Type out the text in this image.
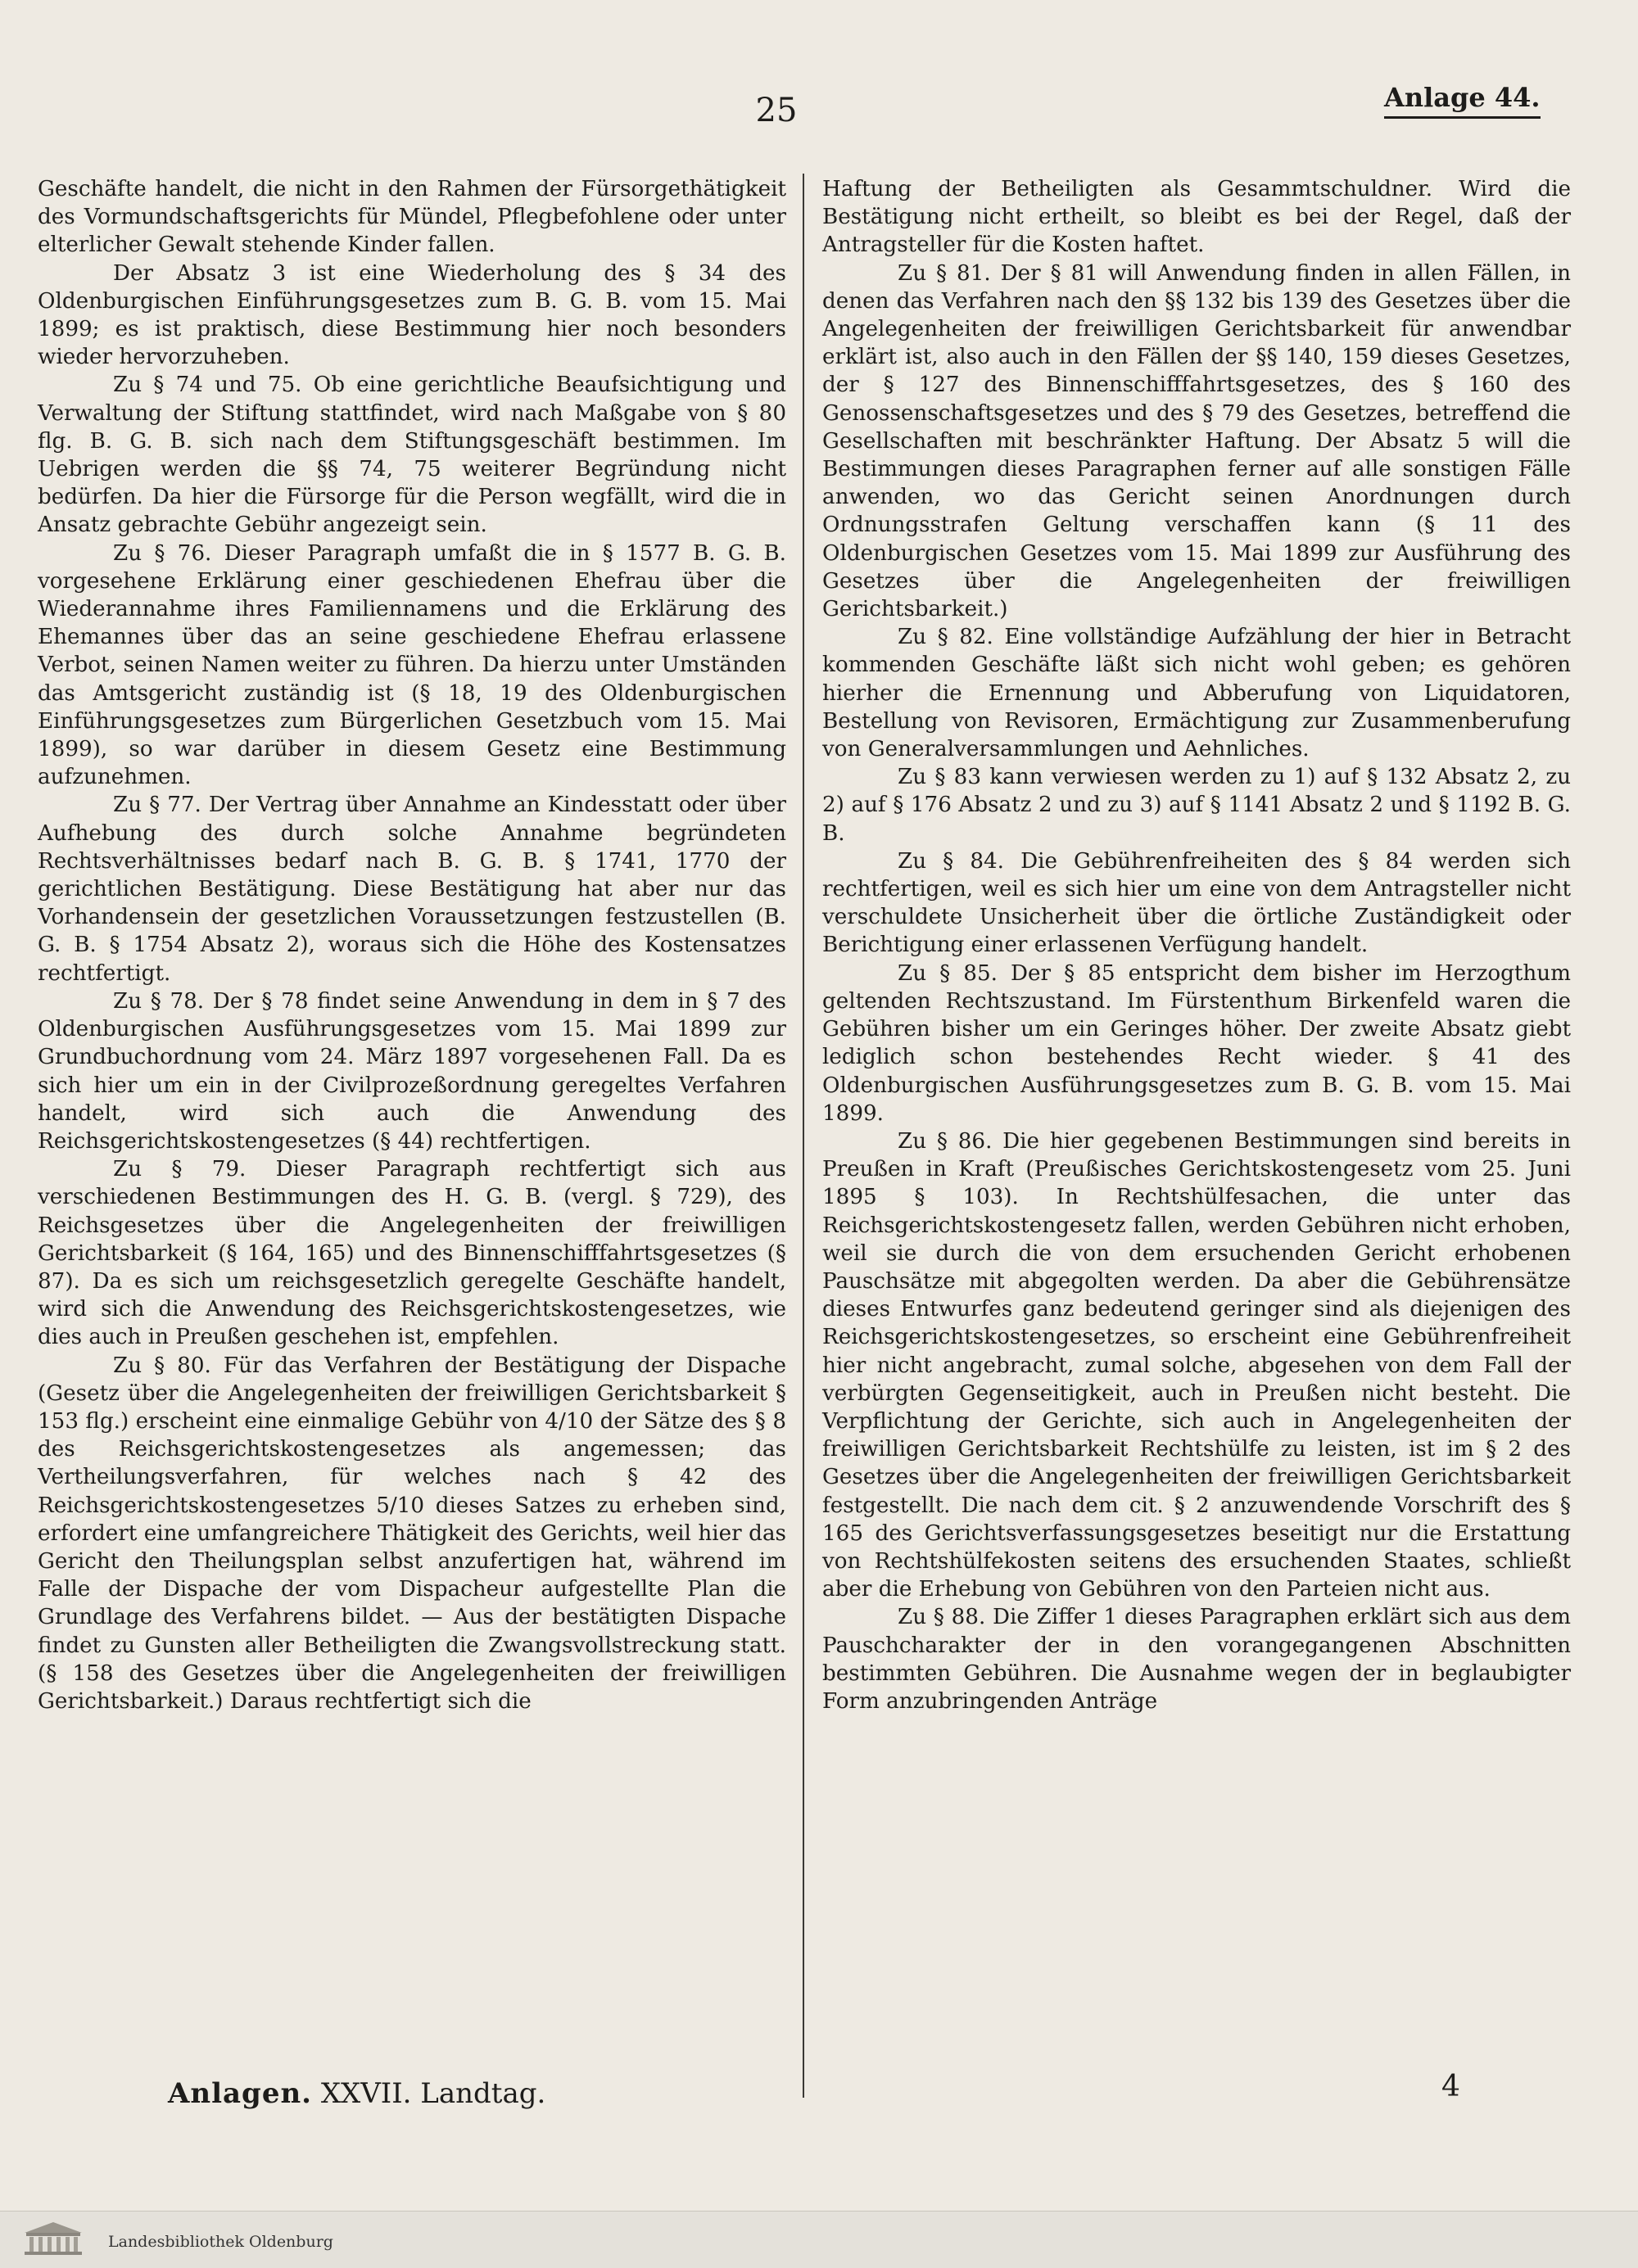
25	Anlage 44.

Geschäfte handelt, die nicht in den Rahmen der Fürsorgethätigkeit des Vormundschaftsgerichts für Mündel, Pflegbefohlene oder unter elterlicher Gewalt stehende Kinder fallen.

Der Absatz 3 ist eine Wiederholung des § 34 des Oldenburgischen Einführungsgesetzes zum B. G. B. vom 15. Mai 1899; es ist praktisch, diese Bestimmung hier noch besonders wieder hervorzuheben.

Zu § 74 und 75. Ob eine gerichtliche Beaufsichtigung und Verwaltung der Stiftung stattfindet, wird nach Maßgabe von § 80 flg. B. G. B. sich nach dem Stiftungsgeschäft bestimmen. Im Uebrigen werden die §§ 74, 75 weiterer Begründung nicht bedürfen. Da hier die Fürsorge für die Person wegfällt, wird die in Ansatz gebrachte Gebühr angezeigt sein.

Zu § 76. Dieser Paragraph umfaßt die in § 1577 B. G. B. vorgesehene Erklärung einer geschiedenen Ehefrau über die Wiederannahme ihres Familiennamens und die Erklärung des Ehemannes über das an seine geschiedene Ehefrau erlassene Verbot, seinen Namen weiter zu führen. Da hierzu unter Umständen das Amtsgericht zuständig ist (§ 18, 19 des Oldenburgischen Einführungsgesetzes zum Bürgerlichen Gesetzbuch vom 15. Mai 1899), so war darüber in diesem Gesetz eine Bestimmung aufzunehmen.

Zu § 77. Der Vertrag über Annahme an Kindesstatt oder über Aufhebung des durch solche Annahme begründeten Rechtsverhältnisses bedarf nach B. G. B. § 1741, 1770 der gerichtlichen Bestätigung. Diese Bestätigung hat aber nur das Vorhandensein der gesetzlichen Voraussetzungen festzustellen (B. G. B. § 1754 Absatz 2), woraus sich die Höhe des Kostensatzes rechtfertigt.

Zu § 78. Der § 78 findet seine Anwendung in dem in § 7 des Oldenburgischen Ausführungsgesetzes vom 15. Mai 1899 zur Grundbuchordnung vom 24. März 1897 vorgesehenen Fall. Da es sich hier um ein in der Civilprozeßordnung geregeltes Verfahren handelt, wird sich auch die Anwendung des Reichsgerichtskostengesetzes (§ 44) rechtfertigen.

Zu § 79. Dieser Paragraph rechtfertigt sich aus verschiedenen Bestimmungen des H. G. B. (vergl. § 729), des Reichsgesetzes über die Angelegenheiten der freiwilligen Gerichtsbarkeit (§ 164, 165) und des Binnenschifffahrtsgesetzes (§ 87). Da es sich um reichsgesetzlich geregelte Geschäfte handelt, wird sich die Anwendung des Reichsgerichtskostengesetzes, wie dies auch in Preußen geschehen ist, empfehlen.

Zu § 80. Für das Verfahren der Bestätigung der Dispache (Gesetz über die Angelegenheiten der freiwilligen Gerichtsbarkeit § 153 flg.) erscheint eine einmalige Gebühr von 4/10 der Sätze des § 8 des Reichsgerichtskostengesetzes als angemessen; das Vertheilungsverfahren, für welches nach § 42 des Reichsgerichtskostengesetzes 5/10 dieses Satzes zu erheben sind, erfordert eine umfangreichere Thätigkeit des Gerichts, weil hier das Gericht den Theilungsplan selbst anzufertigen hat, während im Falle der Dispache der vom Dispacheur aufgestellte Plan die Grundlage des Verfahrens bildet. — Aus der bestätigten Dispache findet zu Gunsten aller Betheiligten die Zwangsvollstreckung statt. (§ 158 des Gesetzes über die Angelegenheiten der freiwilligen Gerichtsbarkeit.) Daraus rechtfertigt sich die

Haftung der Betheiligten als Gesammtschuldner. Wird die Bestätigung nicht ertheilt, so bleibt es bei der Regel, daß der Antragsteller für die Kosten haftet.

Zu § 81. Der § 81 will Anwendung finden in allen Fällen, in denen das Verfahren nach den §§ 132 bis 139 des Gesetzes über die Angelegenheiten der freiwilligen Gerichtsbarkeit für anwendbar erklärt ist, also auch in den Fällen der §§ 140, 159 dieses Gesetzes, der § 127 des Binnenschifffahrtsgesetzes, des § 160 des Genossenschaftsgesetzes und des § 79 des Gesetzes, betreffend die Gesellschaften mit beschränkter Haftung. Der Absatz 5 will die Bestimmungen dieses Paragraphen ferner auf alle sonstigen Fälle anwenden, wo das Gericht seinen Anordnungen durch Ordnungsstrafen Geltung verschaffen kann (§ 11 des Oldenburgischen Gesetzes vom 15. Mai 1899 zur Ausführung des Gesetzes über die Angelegenheiten der freiwilligen Gerichtsbarkeit.)

Zu § 82. Eine vollständige Aufzählung der hier in Betracht kommenden Geschäfte läßt sich nicht wohl geben; es gehören hierher die Ernennung und Abberufung von Liquidatoren, Bestellung von Revisoren, Ermächtigung zur Zusammenberufung von Generalversammlungen und Aehnliches.

Zu § 83 kann verwiesen werden zu 1) auf § 132 Absatz 2, zu 2) auf § 176 Absatz 2 und zu 3) auf § 1141 Absatz 2 und § 1192 B. G. B.

Zu § 84. Die Gebührenfreiheiten des § 84 werden sich rechtfertigen, weil es sich hier um eine von dem Antragsteller nicht verschuldete Unsicherheit über die örtliche Zuständigkeit oder Berichtigung einer erlassenen Verfügung handelt.

Zu § 85. Der § 85 entspricht dem bisher im Herzogthum geltenden Rechtszustand. Im Fürstenthum Birkenfeld waren die Gebühren bisher um ein Geringes höher. Der zweite Absatz giebt lediglich schon bestehendes Recht wieder. § 41 des Oldenburgischen Ausführungsgesetzes zum B. G. B. vom 15. Mai 1899.

Zu § 86. Die hier gegebenen Bestimmungen sind bereits in Preußen in Kraft (Preußisches Gerichtskostengesetz vom 25. Juni 1895 § 103). In Rechtshülfesachen, die unter das Reichsgerichtskostengesetz fallen, werden Gebühren nicht erhoben, weil sie durch die von dem ersuchenden Gericht erhobenen Pauschsätze mit abgegolten werden. Da aber die Gebührensätze dieses Entwurfes ganz bedeutend geringer sind als diejenigen des Reichsgerichtskostengesetzes, so erscheint eine Gebührenfreiheit hier nicht angebracht, zumal solche, abgesehen von dem Fall der verbürgten Gegenseitigkeit, auch in Preußen nicht besteht. Die Verpflichtung der Gerichte, sich auch in Angelegenheiten der freiwilligen Gerichtsbarkeit Rechtshülfe zu leisten, ist im § 2 des Gesetzes über die Angelegenheiten der freiwilligen Gerichtsbarkeit festgestellt. Die nach dem cit. § 2 anzuwendende Vorschrift des § 165 des Gerichtsverfassungsgesetzes beseitigt nur die Erstattung von Rechtshülfekosten seitens des ersuchenden Staates, schließt aber die Erhebung von Gebühren von den Parteien nicht aus.

Zu § 88. Die Ziffer 1 dieses Paragraphen erklärt sich aus dem Pauschcharakter der in den vorangegangenen Abschnitten bestimmten Gebühren. Die Ausnahme wegen der in beglaubigter Form anzubringenden Anträge

Anlagen. XXVII. Landtag.	4
Landesbibliothek Oldenburg
